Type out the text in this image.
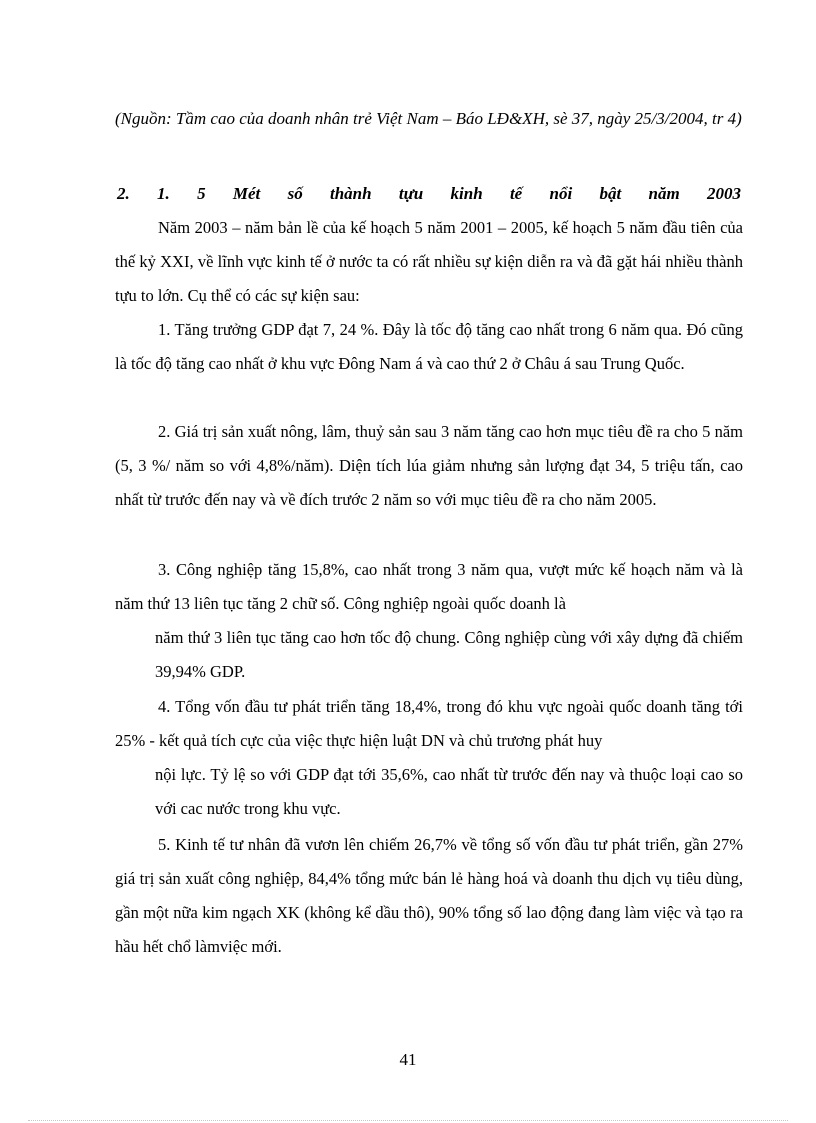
(Nguồn: Tầm cao của doanh nhân trẻ Việt Nam – Báo LĐ&XH, sè 37, ngày 25/3/2004, tr 4)
2. 1. 5 Mét số thành tựu kinh tế nổi bật năm 2003
Năm 2003 – năm bản lề của kế hoạch 5 năm 2001 – 2005, kế hoạch 5 năm đầu tiên của thế kỷ XXI, về lĩnh vực kinh tế ở nước ta có rất nhiều sự kiện diễn ra và đã gặt hái nhiều thành tựu to lớn. Cụ thể có các sự kiện sau:
1. Tăng trưởng GDP đạt 7, 24 %. Đây là tốc độ tăng cao nhất trong 6 năm qua. Đó cũng là tốc độ tăng cao nhất ở khu vực Đông Nam á và cao thứ 2 ở Châu á sau Trung Quốc.
2. Giá trị sản xuất nông, lâm, thuỷ sản sau 3 năm tăng cao hơn mục tiêu đề ra cho 5 năm (5, 3 %/ năm so với 4,8%/năm). Diện tích lúa giảm nhưng sản lượng đạt 34, 5 triệu tấn, cao nhất từ trước đến nay và về đích trước 2 năm so với mục tiêu đề ra cho năm 2005.
3. Công nghiệp tăng 15,8%, cao nhất trong 3 năm qua, vượt mức kế hoạch năm và là năm thứ 13 liên tục tăng 2 chữ số. Công nghiệp ngoài quốc doanh là
năm thứ 3 liên tục tăng cao hơn tốc độ chung. Công nghiệp cùng với xây dựng đã chiếm 39,94% GDP.
4. Tổng vốn đầu tư phát triển tăng 18,4%, trong đó khu vực ngoài quốc doanh tăng tới 25% - kết quả tích cực của việc thực hiện luật DN và chủ trương phát huy
nội lực. Tỷ lệ so với GDP đạt tới 35,6%, cao nhất từ trước đến nay và thuộc loại cao so với cac nước trong khu vực.
5. Kinh tế tư nhân đã vươn lên chiếm 26,7% về tổng số vốn đầu tư phát triển, gần 27% giá trị sản xuất công nghiệp, 84,4% tổng mức bán lẻ hàng hoá và doanh thu dịch vụ tiêu dùng, gần một nữa kim ngạch XK (không kể dầu thô), 90% tổng số lao động đang làm việc và tạo ra hầu hết chổ làmviệc mới.
41
